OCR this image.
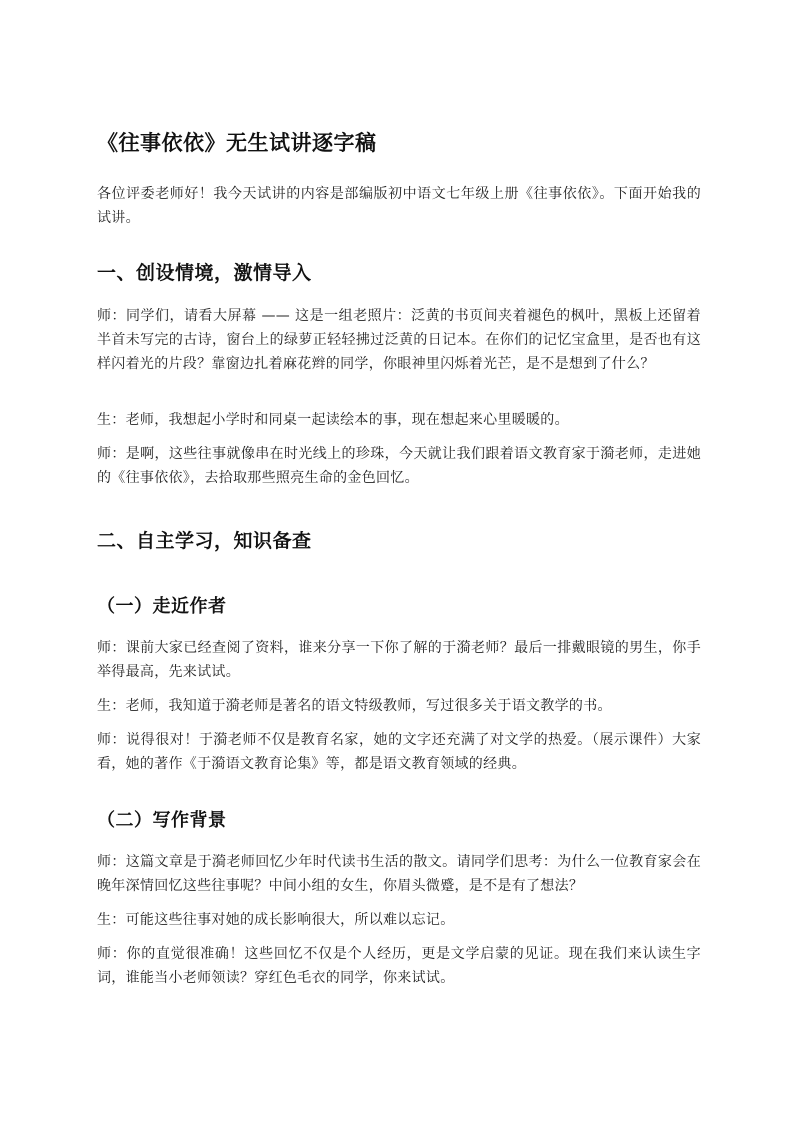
《往事依依》无生试讲逐字稿

各位评委老师好！我今天试讲的内容是部编版初中语文七年级上册《往事依依》。下面开始我的试讲。

一、创设情境，激情导入

师：同学们，请看大屏幕 —— 这是一组老照片：泛黄的书页间夹着褪色的枫叶，黑板上还留着半首未写完的古诗，窗台上的绿萝正轻轻拂过泛黄的日记本。在你们的记忆宝盒里，是否也有这样闪着光的片段？靠窗边扎着麻花辫的同学，你眼神里闪烁着光芒，是不是想到了什么？

生：老师，我想起小学时和同桌一起读绘本的事，现在想起来心里暖暖的。

师：是啊，这些往事就像串在时光线上的珍珠，今天就让我们跟着语文教育家于漪老师，走进她的《往事依依》，去拾取那些照亮生命的金色回忆。

二、自主学习，知识备查
（一）走近作者

师：课前大家已经查阅了资料，谁来分享一下你了解的于漪老师？最后一排戴眼镜的男生，你手举得最高，先来试试。

生：老师，我知道于漪老师是著名的语文特级教师，写过很多关于语文教学的书。

师：说得很对！于漪老师不仅是教育名家，她的文字还充满了对文学的热爱。（展示课件）大家看，她的著作《于漪语文教育论集》等，都是语文教育领域的经典。

（二）写作背景

师：这篇文章是于漪老师回忆少年时代读书生活的散文。请同学们思考：为什么一位教育家会在晚年深情回忆这些往事呢？中间小组的女生，你眉头微蹙，是不是有了想法？

生：可能这些往事对她的成长影响很大，所以难以忘记。

师：你的直觉很准确！这些回忆不仅是个人经历，更是文学启蒙的见证。现在我们来认读生字词，谁能当小老师领读？穿红色毛衣的同学，你来试试。
